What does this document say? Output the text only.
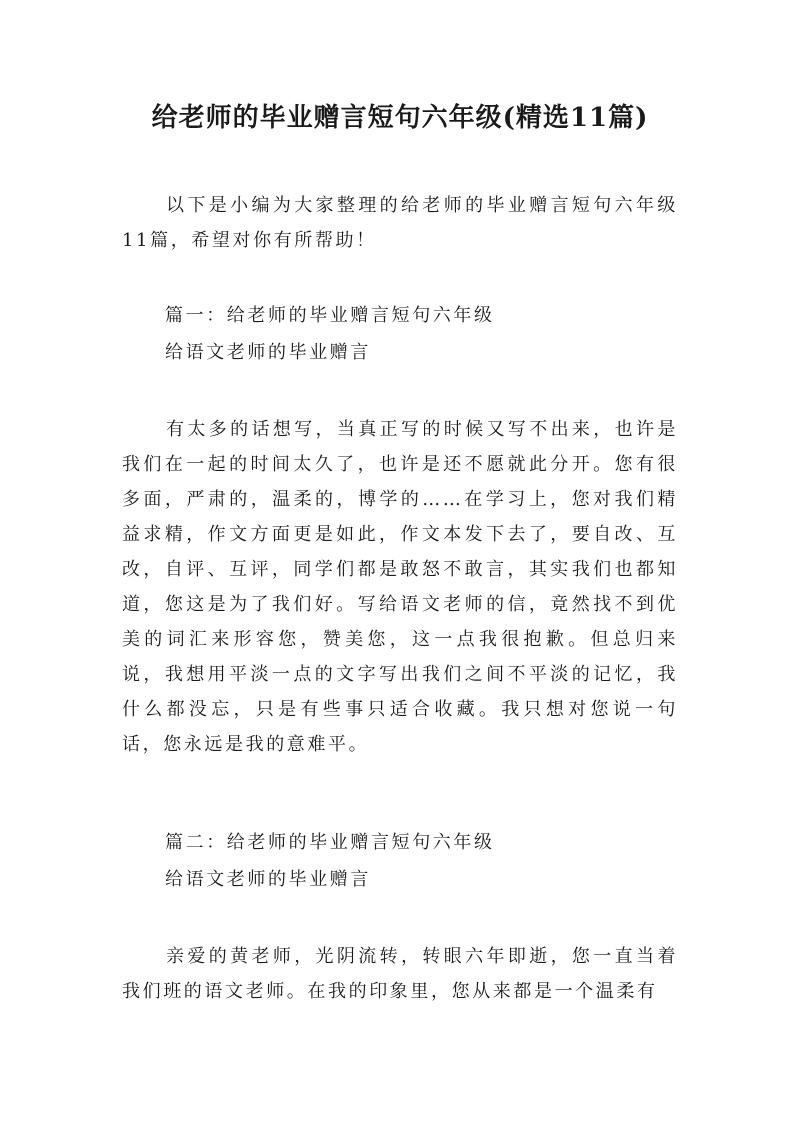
给老师的毕业赠言短句六年级(精选11篇)
以下是小编为大家整理的给老师的毕业赠言短句六年级11篇，希望对你有所帮助！
篇一：给老师的毕业赠言短句六年级
给语文老师的毕业赠言
有太多的话想写，当真正写的时候又写不出来，也许是我们在一起的时间太久了，也许是还不愿就此分开。您有很多面，严肃的，温柔的，博学的……在学习上，您对我们精益求精，作文方面更是如此，作文本发下去了，要自改、互改，自评、互评，同学们都是敢怒不敢言，其实我们也都知道，您这是为了我们好。写给语文老师的信，竟然找不到优美的词汇来形容您，赞美您，这一点我很抱歉。但总归来说，我想用平淡一点的文字写出我们之间不平淡的记忆，我什么都没忘，只是有些事只适合收藏。我只想对您说一句话，您永远是我的意难平。
篇二：给老师的毕业赠言短句六年级
给语文老师的毕业赠言
亲爱的黄老师，光阴流转，转眼六年即逝，您一直当着我们班的语文老师。在我的印象里，您从来都是一个温柔有
